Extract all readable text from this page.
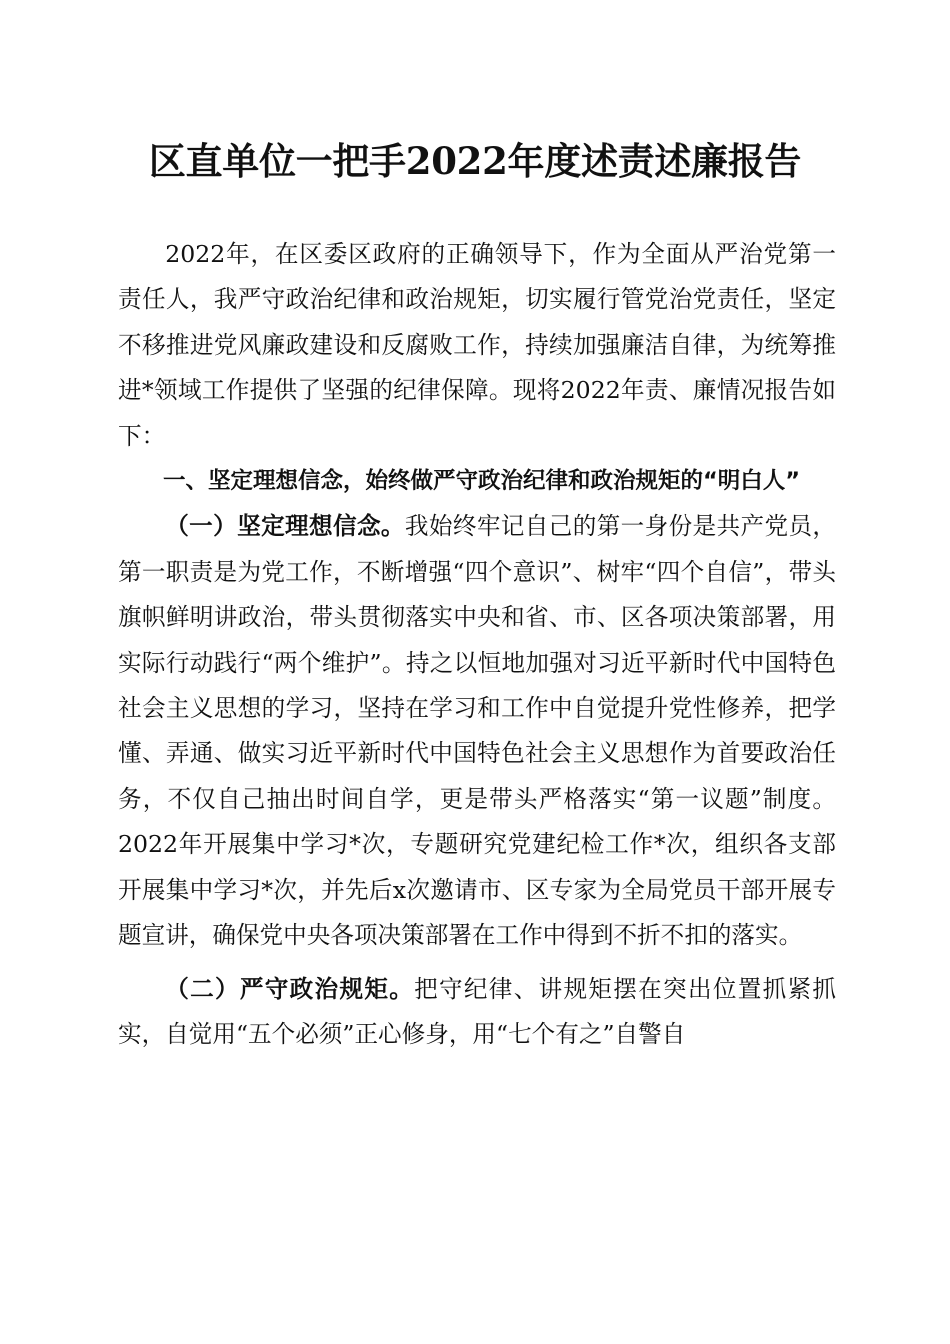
区直单位一把手2022年度述责述廉报告

2022年，在区委区政府的正确领导下，作为全面从严治党第一责任人，我严守政治纪律和政治规矩，切实履行管党治党责任，坚定不移推进党风廉政建设和反腐败工作，持续加强廉洁自律，为统筹推进*领域工作提供了坚强的纪律保障。现将2022年责、廉情况报告如下：

一、坚定理想信念，始终做严守政治纪律和政治规矩的“明白人”

（一）坚定理想信念。我始终牢记自己的第一身份是共产党员，第一职责是为党工作，不断增强“四个意识”、树牢“四个自信”，带头旗帜鲜明讲政治，带头贯彻落实中央和省、市、区各项决策部署，用实际行动践行“两个维护”。持之以恒地加强对习近平新时代中国特色社会主义思想的学习，坚持在学习和工作中自觉提升党性修养，把学懂、弄通、做实习近平新时代中国特色社会主义思想作为首要政治任务，不仅自己抽出时间自学，更是带头严格落实“第一议题”制度。2022年开展集中学习*次，专题研究党建纪检工作*次，组织各支部开展集中学习*次，并先后x次邀请市、区专家为全局党员干部开展专题宣讲，确保党中央各项决策部署在工作中得到不折不扣的落实。

（二）严守政治规矩。把守纪律、讲规矩摆在突出位置抓紧抓实，自觉用“五个必须”正心修身，用“七个有之”自警自
